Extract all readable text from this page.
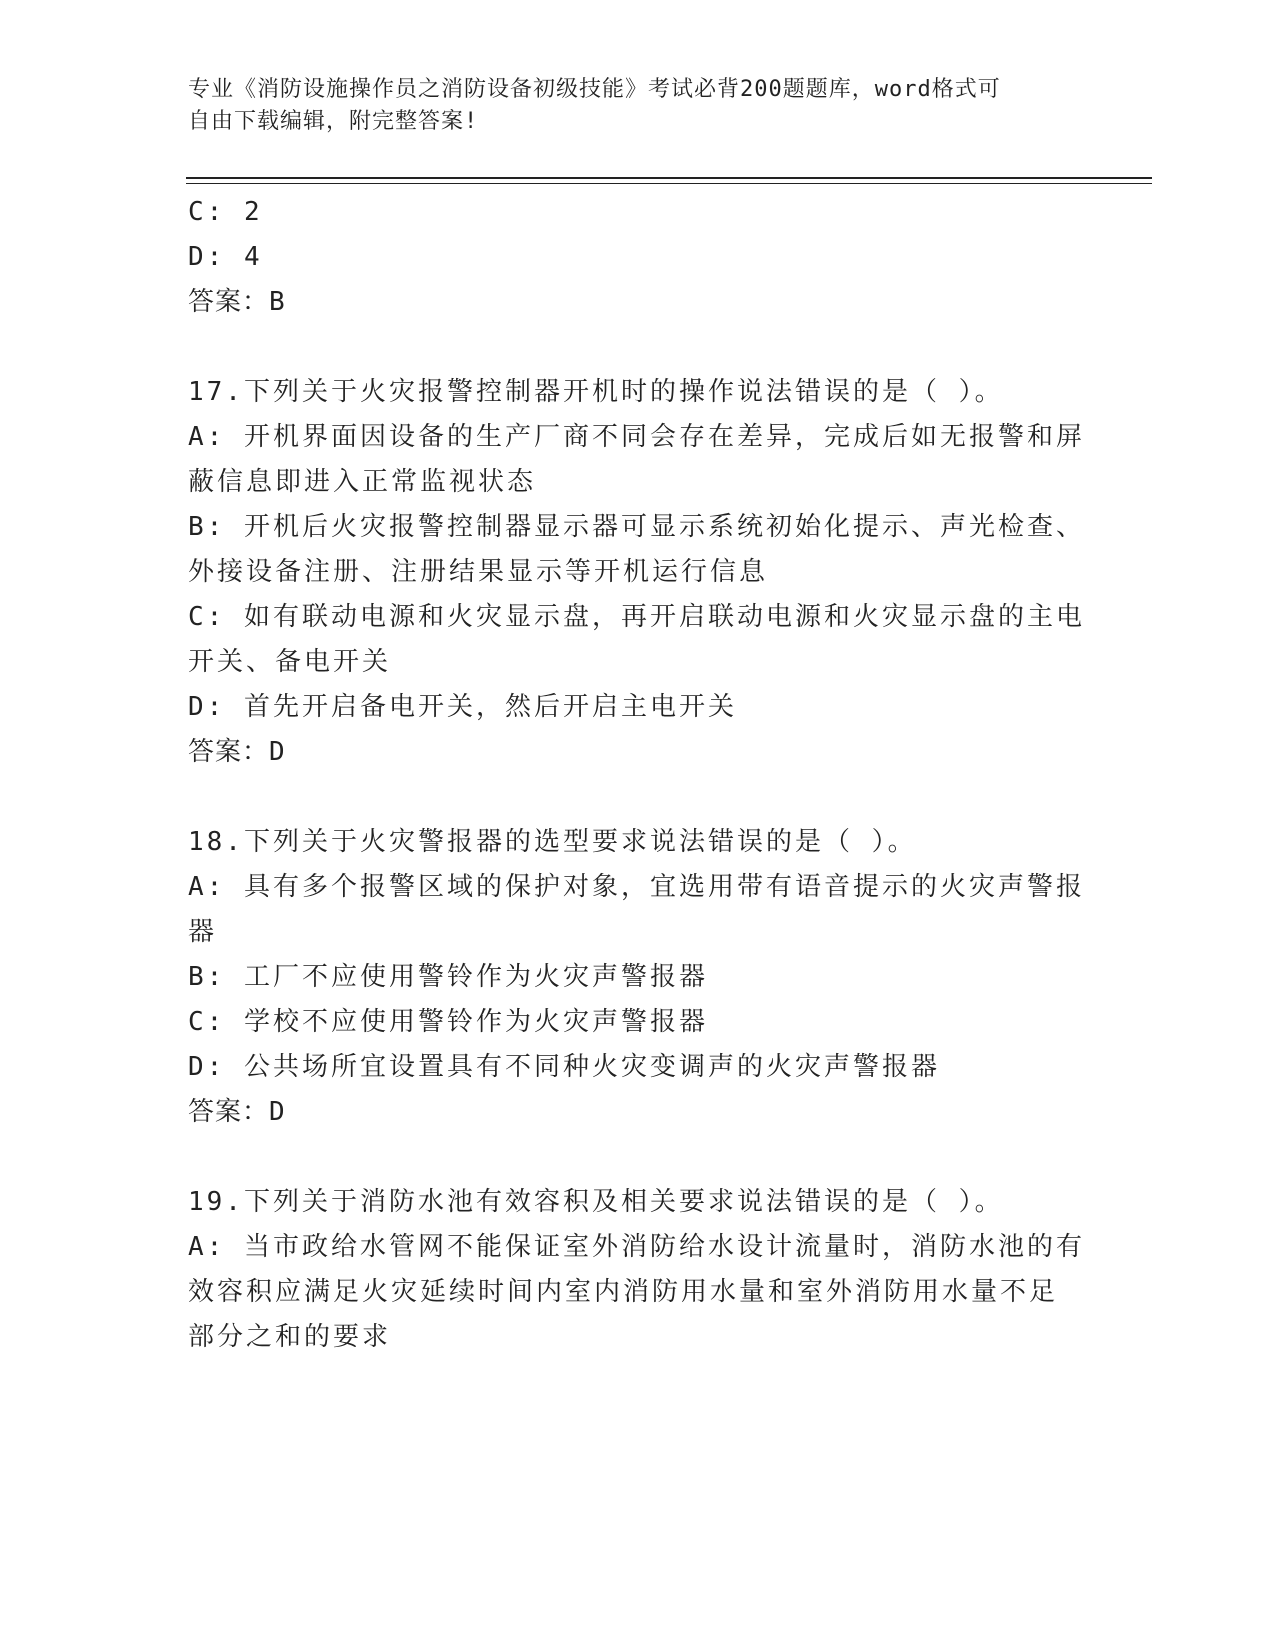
专业《消防设施操作员之消防设备初级技能》考试必背200题题库，word格式可
自由下载编辑，附完整答案!
C: 2
D: 4
答案：B
17.下列关于火灾报警控制器开机时的操作说法错误的是（ ）。
A: 开机界面因设备的生产厂商不同会存在差异，完成后如无报警和屏
蔽信息即进入正常监视状态
B: 开机后火灾报警控制器显示器可显示系统初始化提示、声光检查、
外接设备注册、注册结果显示等开机运行信息
C: 如有联动电源和火灾显示盘，再开启联动电源和火灾显示盘的主电
开关、备电开关
D: 首先开启备电开关，然后开启主电开关
答案：D
18.下列关于火灾警报器的选型要求说法错误的是（ ）。
A: 具有多个报警区域的保护对象，宜选用带有语音提示的火灾声警报
器
B: 工厂不应使用警铃作为火灾声警报器
C: 学校不应使用警铃作为火灾声警报器
D: 公共场所宜设置具有不同种火灾变调声的火灾声警报器
答案：D
19.下列关于消防水池有效容积及相关要求说法错误的是（ ）。
A: 当市政给水管网不能保证室外消防给水设计流量时，消防水池的有
效容积应满足火灾延续时间内室内消防用水量和室外消防用水量不足
部分之和的要求
